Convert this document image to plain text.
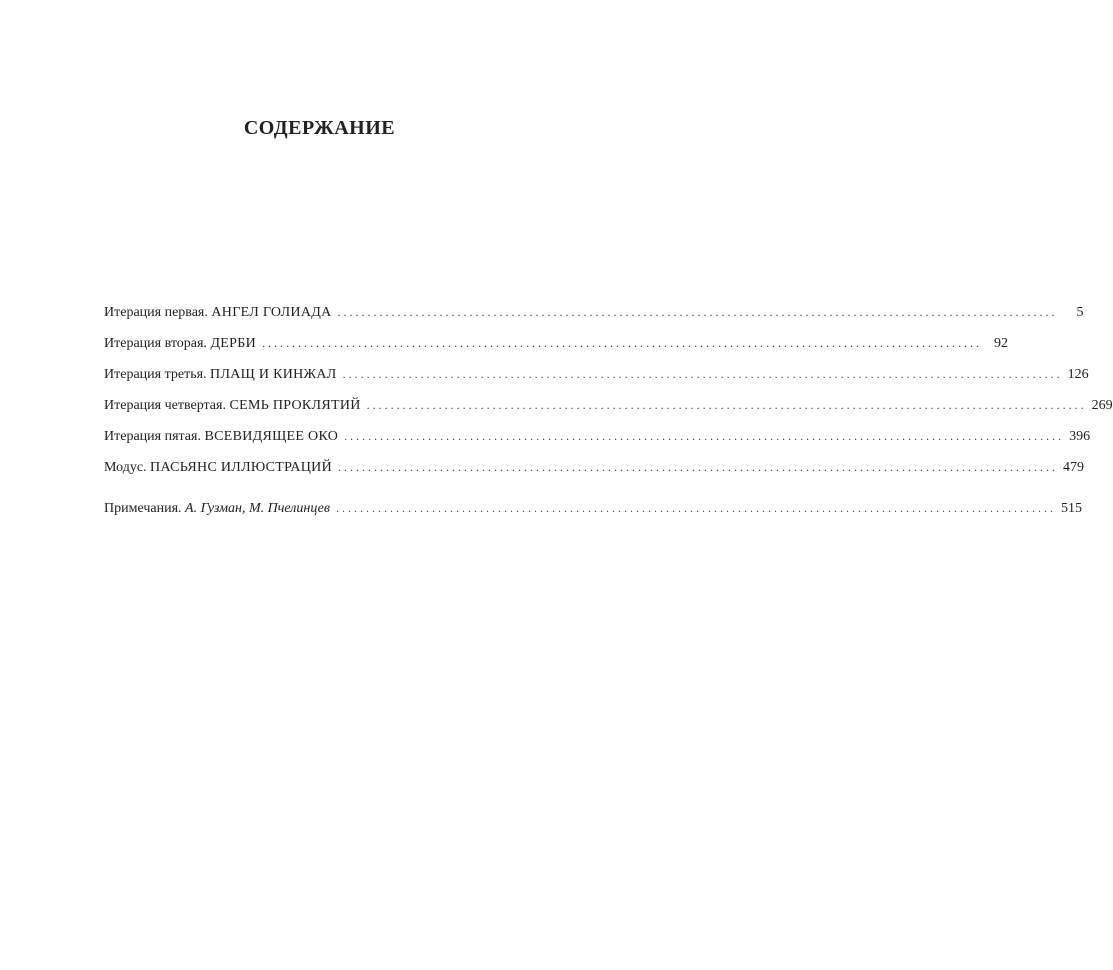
СОДЕРЖАНИЕ
Итерация первая. АНГЕЛ ГОЛИАДА ........................................................................................................................	5
Итерация вторая. ДЕРБИ ........................................................................................................................ 92
Итерация третья. ПЛАЩ И КИНЖАЛ ........................................................................................................................ 126
Итерация четвертая. СЕМЬ ПРОКЛЯТИЙ ........................................................................................................................ 269
Итерация пятая. ВСЕВИДЯЩЕЕ ОКО ........................................................................................................................ 396
Модус. ПАСЬЯНС ИЛЛЮСТРАЦИЙ ........................................................................................................................ 479
Примечания. А. Гузман, М. Пчелинцев ........................................................................................................................ 515
